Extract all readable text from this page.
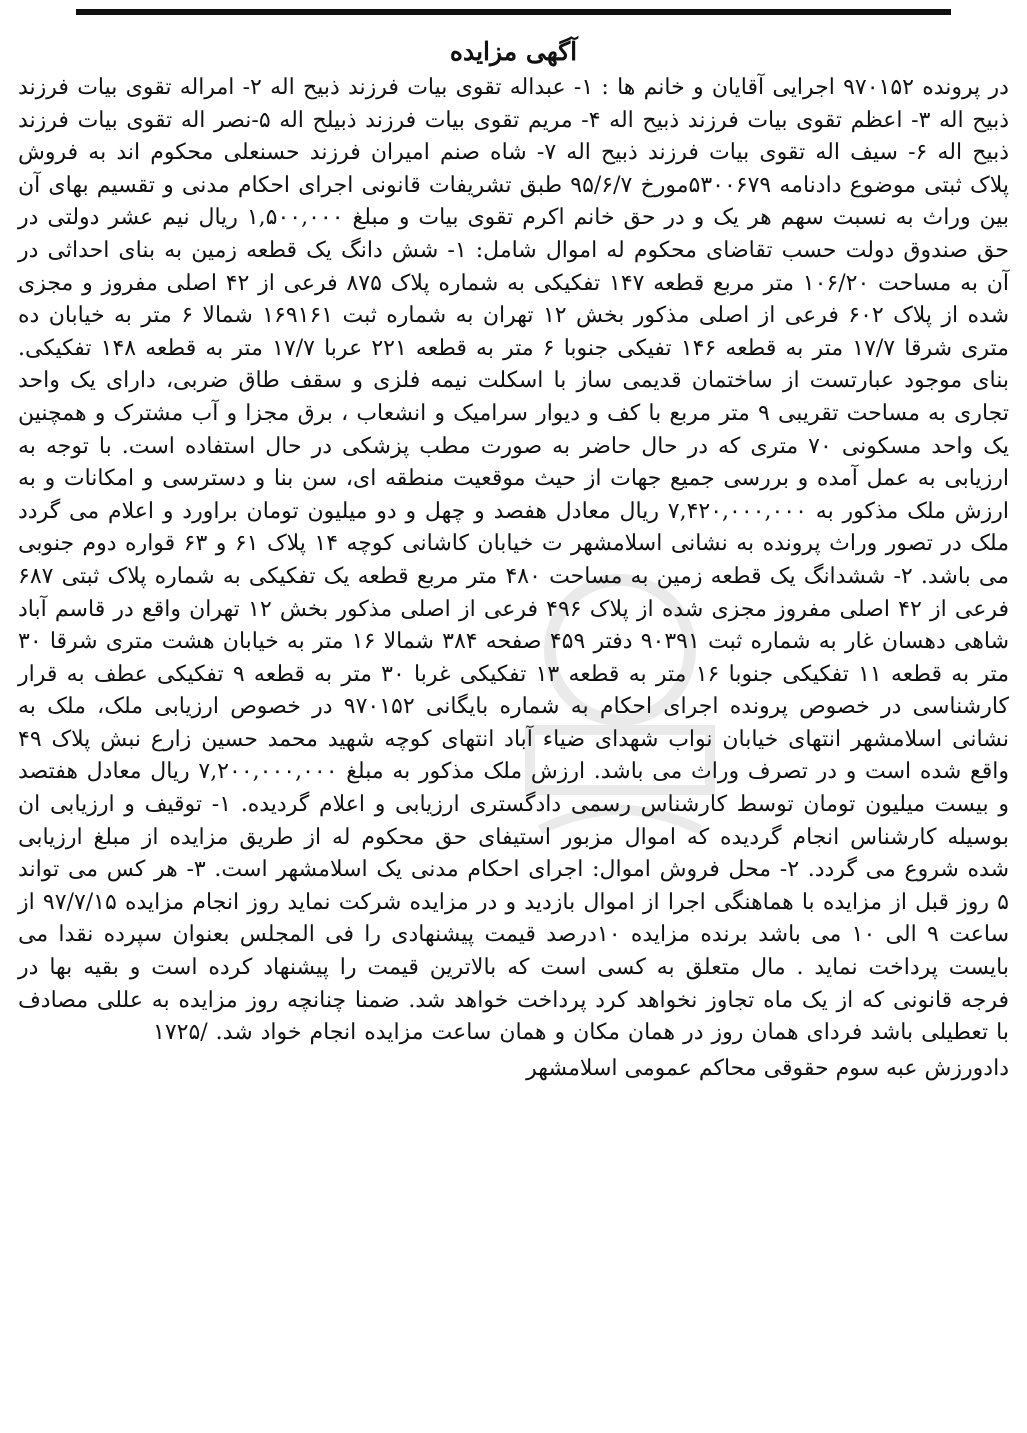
آگهی مزایده

در پرونده ۹۷۰۱۵۲ اجرایی آقایان و خانم ها : ۱- عبداله تقوی بیات فرزند ذبیح اله ۲- امراله تقوی بیات فرزند ذبیح اله ۳- اعظم تقوی بیات فرزند ذبیح اله ۴- مریم تقوی بیات فرزند ذبیلح اله ۵-نصر اله تقوی بیات فرزند ذبیح اله ۶- سیف اله تقوی بیات فرزند ذبیح اله ۷- شاه صنم امیران فرزند حسنعلی محکوم اند به فروش پلاک ثبتی موضوع دادنامه ۵۳۰۰۶۷۹مورخ ۹۵/۶/۷ طبق تشریفات قانونی اجرای احکام مدنی و تقسیم بهای آن بین وراث به نسبت سهم هر یک و در حق خانم اکرم تقوی بیات و مبلغ ۱,۵۰۰,۰۰۰ ریال نیم عشر دولتی در حق صندوق دولت حسب تقاضای محکوم له اموال شامل: ۱- شش دانگ یک قطعه زمین به بنای احداثی در آن به مساحت ۱۰۶/۲۰ متر مربع قطعه ۱۴۷ تفکیکی به شماره پلاک ۸۷۵ فرعی از ۴۲ اصلی مفروز و مجزی شده از پلاک ۶۰۲ فرعی از اصلی مذکور بخش ۱۲ تهران به شماره ثبت ۱۶۹۱۶۱ شمالا ۶ متر به خیابان ده متری شرقا ۱۷/۷ متر به قطعه ۱۴۶ تفیکی جنوبا ۶ متر به قطعه ۲۲۱ عربا ۱۷/۷ متر به قطعه ۱۴۸ تفکیکی. بنای موجود عبارتست از ساختمان قدیمی ساز با اسکلت نیمه فلزی و سقف طاق ضربی، دارای یک واحد تجاری به مساحت تقریبی ۹ متر مربع با کف و دیوار سرامیک و انشعاب ، برق مجزا و آب مشترک و همچنین یک واحد مسکونی ۷۰ متری که در حال حاضر به صورت مطب پزشکی در حال استفاده است. با توجه به ارزیابی به عمل آمده و بررسی جمیع جهات از حیث موقعیت منطقه ای، سن بنا و دسترسی و امکانات و به ارزش ملک مذکور به ۷,۴۲۰,۰۰۰,۰۰۰ ریال معادل هفصد و چهل و دو میلیون تومان براورد و اعلام می گردد ملک در تصور وراث پرونده به نشانی اسلامشهر ت خیابان کاشانی کوچه ۱۴ پلاک ۶۱ و ۶۳ قواره دوم جنوبی می باشد. ۲- ششدانگ یک قطعه زمین به مساحت ۴۸۰ متر مربع قطعه یک تفکیکی به شماره پلاک ثبتی ۶۸۷ فرعی از ۴۲ اصلی مفروز مجزی شده از پلاک ۴۹۶ فرعی از اصلی مذکور بخش ۱۲ تهران واقع در قاسم آباد شاهی دهسان غار به شماره ثبت ۹۰۳۹۱ دفتر ۴۵۹ صفحه ۳۸۴ شمالا ۱۶ متر به خیابان هشت متری شرقا ۳۰ متر به قطعه ۱۱ تفکیکی جنوبا ۱۶ متر به قطعه ۱۳ تفکیکی غربا ۳۰ متر به قطعه ۹ تفکیکی عطف به قرار کارشناسی در خصوص پرونده اجرای احکام به شماره بایگانی ۹۷۰۱۵۲ در خصوص ارزیابی ملک، ملک به نشانی اسلامشهر انتهای خیابان نواب شهدای ضیاء آباد انتهای کوچه شهید محمد حسین زارع نبش پلاک ۴۹ واقع شده است و در تصرف وراث می باشد. ارزش ملک مذکور به مبلغ ۷,۲۰۰,۰۰۰,۰۰۰ ریال معادل هفتصد و بیست میلیون تومان توسط کارشناس رسمی دادگستری ارزیابی و اعلام گردیده. ۱- توقیف و ارزیابی ان بوسیله کارشناس انجام گردیده که اموال مزبور استیفای حق محکوم له از طریق مزایده از مبلغ ارزیابی شده شروع می گردد. ۲- محل فروش اموال: اجرای احکام مدنی یک اسلامشهر است. ۳- هر کس می تواند ۵ روز قبل از مزایده با هماهنگی اجرا از اموال بازدید و در مزایده شرکت نماید روز انجام مزایده ۹۷/۷/۱۵ از ساعت ۹ الی ۱۰ می باشد برنده مزایده ۱۰درصد قیمت پیشنهادی را فی المجلس بعنوان سپرده نقدا می بایست پرداخت نماید . مال متعلق به کسی است که بالاترین قیمت را پیشنهاد کرده است و بقیه بها در فرجه قانونی که از یک ماه تجاوز نخواهد کرد پرداخت خواهد شد. ضمنا چنانچه روز مزایده به عللی مصادف با تعطیلی باشد فردای همان روز در همان مکان و همان ساعت مزایده انجام خواد شد. /۱۷۲۵

دادورزش عبه سوم حقوقی محاکم عمومی اسلامشهر
